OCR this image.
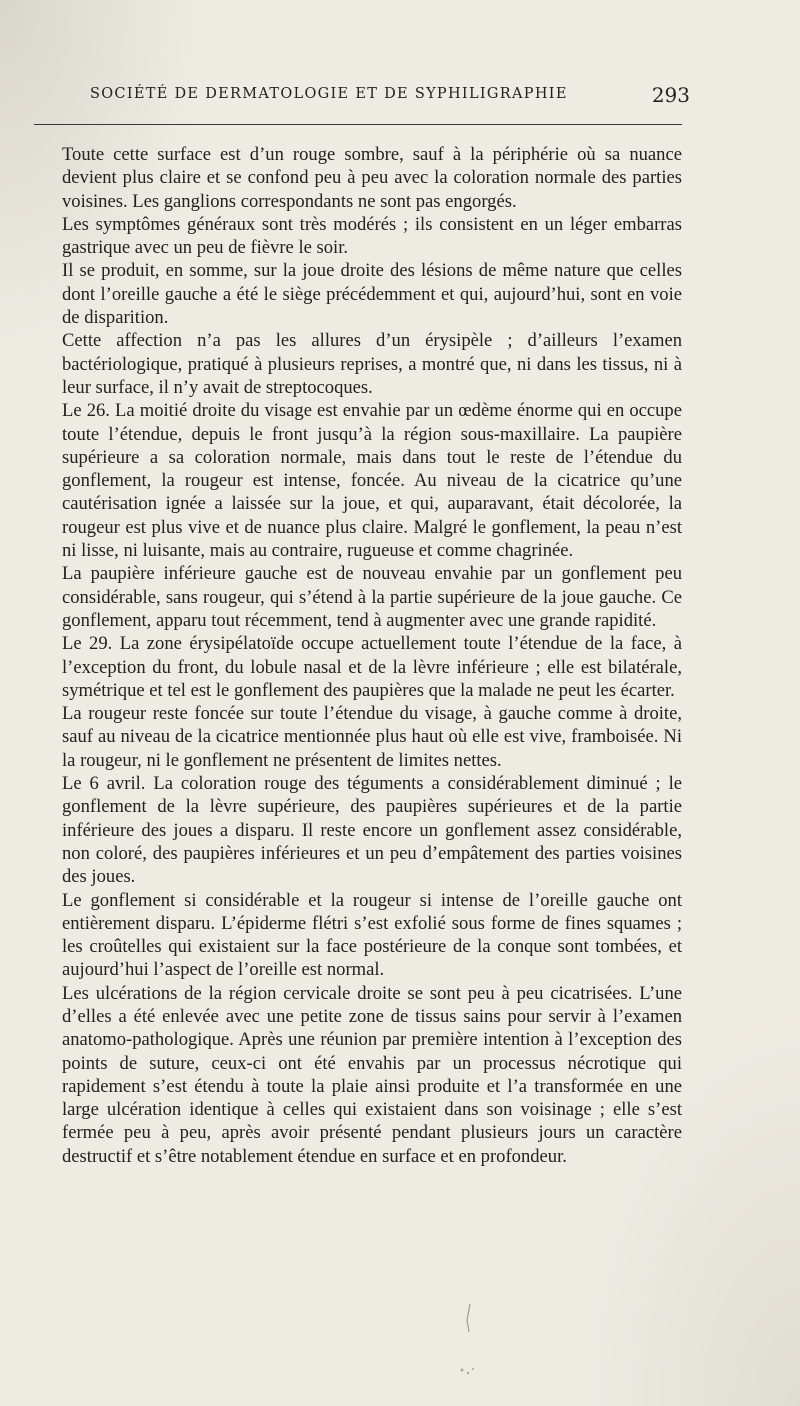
SOCIÉTÉ DE DERMATOLOGIE ET DE SYPHILIGRAPHIE	293

Toute cette surface est d’un rouge sombre, sauf à la périphérie où sa nuance devient plus claire et se confond peu à peu avec la coloration normale des parties voisines. Les ganglions correspondants ne sont pas engorgés.

Les symptômes généraux sont très modérés ; ils consistent en un léger embarras gastrique avec un peu de fièvre le soir.

Il se produit, en somme, sur la joue droite des lésions de même nature que celles dont l’oreille gauche a été le siège précédemment et qui, aujourd’hui, sont en voie de disparition.

Cette affection n’a pas les allures d’un érysipèle ; d’ailleurs l’examen bactériologique, pratiqué à plusieurs reprises, a montré que, ni dans les tissus, ni à leur surface, il n’y avait de streptocoques.

Le 26. La moitié droite du visage est envahie par un œdème énorme qui en occupe toute l’étendue, depuis le front jusqu’à la région sous-maxillaire. La paupière supérieure a sa coloration normale, mais dans tout le reste de l’étendue du gonflement, la rougeur est intense, foncée. Au niveau de la cicatrice qu’une cautérisation ignée a laissée sur la joue, et qui, auparavant, était décolorée, la rougeur est plus vive et de nuance plus claire. Malgré le gonflement, la peau n’est ni lisse, ni luisante, mais au contraire, rugueuse et comme chagrinée.

La paupière inférieure gauche est de nouveau envahie par un gonflement peu considérable, sans rougeur, qui s’étend à la partie supérieure de la joue gauche. Ce gonflement, apparu tout récemment, tend à augmenter avec une grande rapidité.

Le 29. La zone érysipélatoïde occupe actuellement toute l’étendue de la face, à l’exception du front, du lobule nasal et de la lèvre inférieure ; elle est bilatérale, symétrique et tel est le gonflement des paupières que la malade ne peut les écarter.

La rougeur reste foncée sur toute l’étendue du visage, à gauche comme à droite, sauf au niveau de la cicatrice mentionnée plus haut où elle est vive, framboisée. Ni la rougeur, ni le gonflement ne présentent de limites nettes.

Le 6 avril. La coloration rouge des téguments a considérablement diminué ; le gonflement de la lèvre supérieure, des paupières supérieures et de la partie inférieure des joues a disparu. Il reste encore un gonflement assez considérable, non coloré, des paupières inférieures et un peu d’empâtement des parties voisines des joues.

Le gonflement si considérable et la rougeur si intense de l’oreille gauche ont entièrement disparu. L’épiderme flétri s’est exfolié sous forme de fines squames ; les croûtelles qui existaient sur la face postérieure de la conque sont tombées, et aujourd’hui l’aspect de l’oreille est normal.

Les ulcérations de la région cervicale droite se sont peu à peu cicatrisées. L’une d’elles a été enlevée avec une petite zone de tissus sains pour servir à l’examen anatomo-pathologique. Après une réunion par première intention à l’exception des points de suture, ceux-ci ont été envahis par un processus nécrotique qui rapidement s’est étendu à toute la plaie ainsi produite et l’a transformée en une large ulcération identique à celles qui existaient dans son voisinage ; elle s’est fermée peu à peu, après avoir présenté pendant plusieurs jours un caractère destructif et s’être notablement étendue en surface et en profondeur.
